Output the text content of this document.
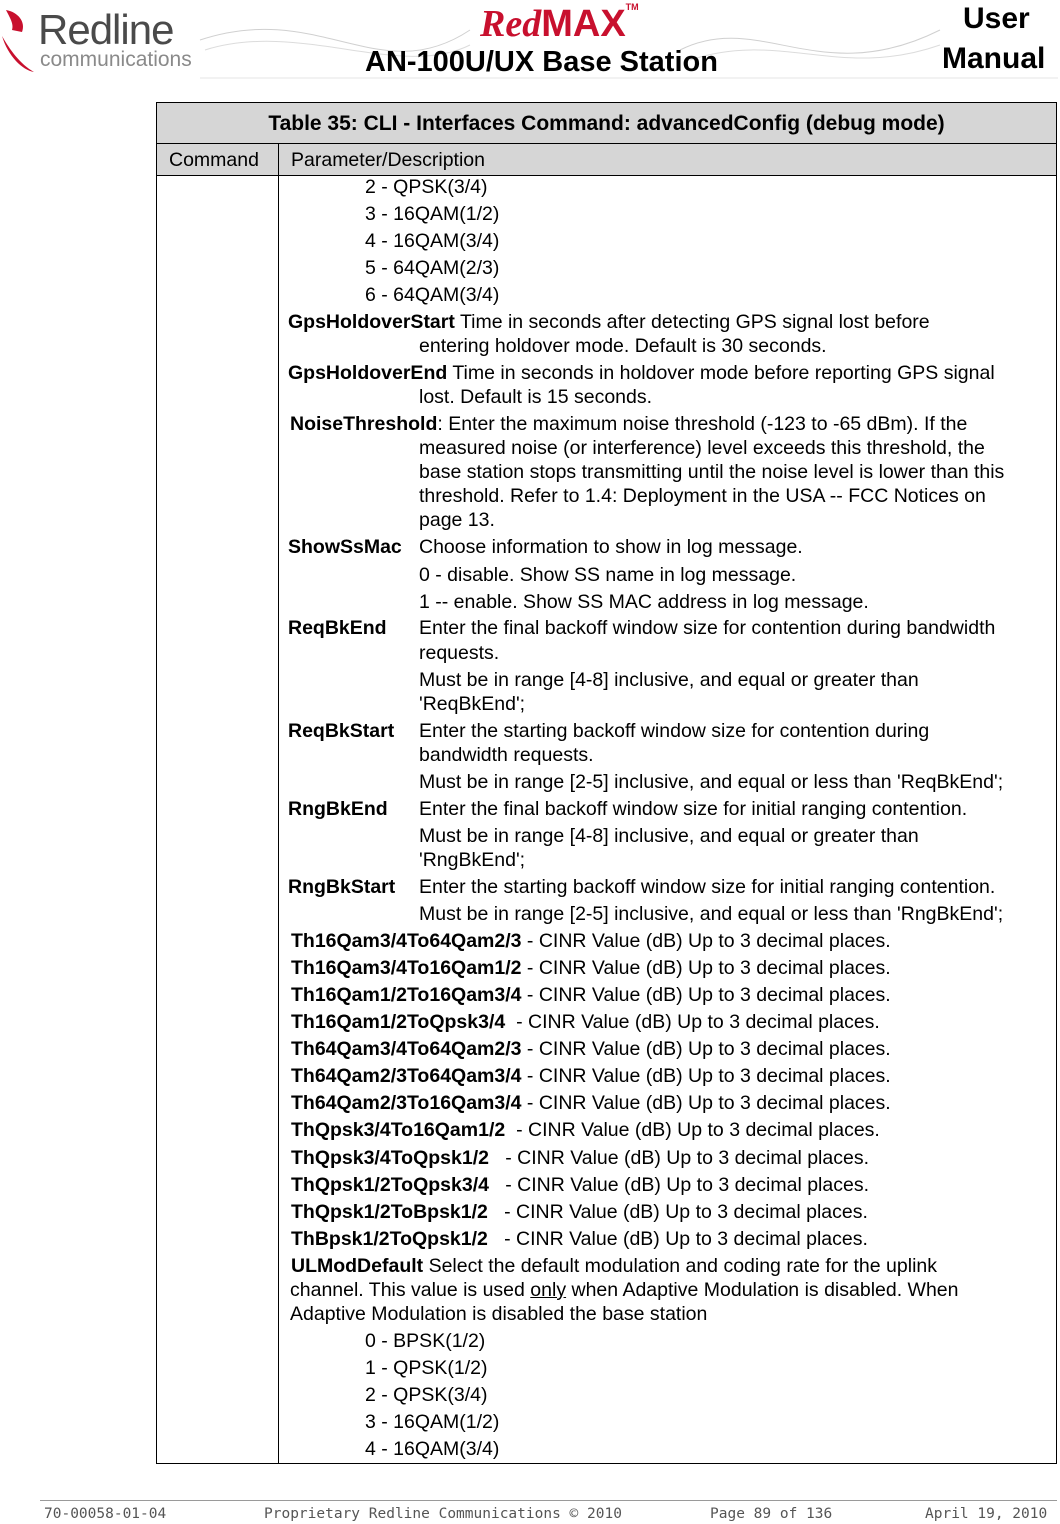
Redline
communications
RedMAX™
AN-100U/UX Base Station
User
Manual
Table 35: CLI - Interfaces Command: advancedConfig (debug mode)
Command Parameter/Description
2 - QPSK(3/4)
3 - 16QAM(1/2)
4 - 16QAM(3/4)
5 - 64QAM(2/3)
6 - 64QAM(3/4)
GpsHoldoverStart Time in seconds after detecting GPS signal lost before
entering holdover mode. Default is 30 seconds.
GpsHoldoverEnd Time in seconds in holdover mode before reporting GPS signal
lost. Default is 15 seconds.
NoiseThreshold: Enter the maximum noise threshold (-123 to -65 dBm). If the
measured noise (or interference) level exceeds this threshold, the
base station stops transmitting until the noise level is lower than this
threshold. Refer to 1.4: Deployment in the USA -- FCC Notices on
page 13.
ShowSsMac Choose information to show in log message.
0 - disable. Show SS name in log message.
1 -- enable. Show SS MAC address in log message.
ReqBkEnd Enter the final backoff window size for contention during bandwidth
requests.
Must be in range [4-8] inclusive, and equal or greater than
'ReqBkEnd';
ReqBkStart Enter the starting backoff window size for contention during
bandwidth requests.
Must be in range [2-5] inclusive, and equal or less than 'ReqBkEnd';
RngBkEnd Enter the final backoff window size for initial ranging contention.
Must be in range [4-8] inclusive, and equal or greater than
'RngBkEnd';
RngBkStart Enter the starting backoff window size for initial ranging contention.
Must be in range [2-5] inclusive, and equal or less than 'RngBkEnd';
Th16Qam3/4To64Qam2/3 - CINR Value (dB) Up to 3 decimal places.
Th16Qam3/4To16Qam1/2 - CINR Value (dB) Up to 3 decimal places.
Th16Qam1/2To16Qam3/4 - CINR Value (dB) Up to 3 decimal places.
Th16Qam1/2ToQpsk3/4  - CINR Value (dB) Up to 3 decimal places.
Th64Qam3/4To64Qam2/3 - CINR Value (dB) Up to 3 decimal places.
Th64Qam2/3To64Qam3/4 - CINR Value (dB) Up to 3 decimal places.
Th64Qam2/3To16Qam3/4 - CINR Value (dB) Up to 3 decimal places.
ThQpsk3/4To16Qam1/2  - CINR Value (dB) Up to 3 decimal places.
ThQpsk3/4ToQpsk1/2   - CINR Value (dB) Up to 3 decimal places.
ThQpsk1/2ToQpsk3/4   - CINR Value (dB) Up to 3 decimal places.
ThQpsk1/2ToBpsk1/2   - CINR Value (dB) Up to 3 decimal places.
ThBpsk1/2ToQpsk1/2   - CINR Value (dB) Up to 3 decimal places.
ULModDefault Select the default modulation and coding rate for the uplink
channel. This value is used only when Adaptive Modulation is disabled. When
Adaptive Modulation is disabled the base station
0 - BPSK(1/2)
1 - QPSK(1/2)
2 - QPSK(3/4)
3 - 16QAM(1/2)
4 - 16QAM(3/4)
70-00058-01-04	Proprietary Redline Communications © 2010	Page 89 of 136	April 19, 2010
